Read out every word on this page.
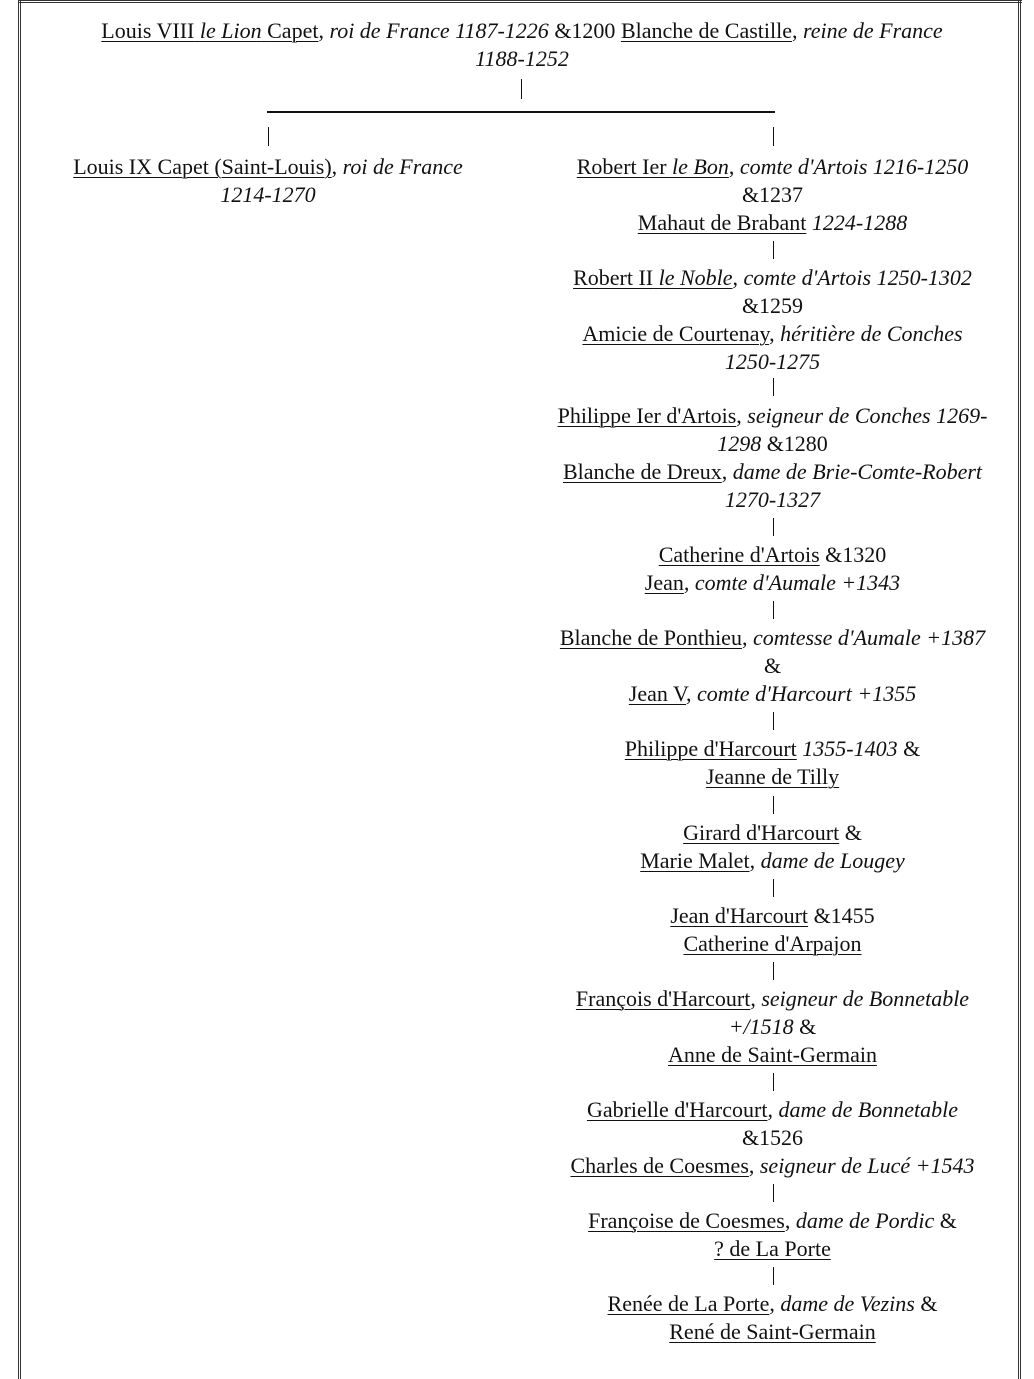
Louis VIII le Lion Capet, roi de France 1187-1226 &1200 Blanche de Castille, reine de France
1188-1252
Louis IX Capet (Saint-Louis), roi de France
1214-1270
Robert Ier le Bon, comte d'Artois 1216-1250
&1237
Mahaut de Brabant 1224-1288
Robert II le Noble, comte d'Artois 1250-1302
&1259
Amicie de Courtenay, héritière de Conches
1250-1275
Philippe Ier d'Artois, seigneur de Conches 1269-
1298 &1280
Blanche de Dreux, dame de Brie-Comte-Robert
1270-1327
Catherine d'Artois &1320
Jean, comte d'Aumale +1343
Blanche de Ponthieu, comtesse d'Aumale +1387
&
Jean V, comte d'Harcourt +1355
Philippe d'Harcourt 1355-1403 &
Jeanne de Tilly
Girard d'Harcourt &
Marie Malet, dame de Lougey
Jean d'Harcourt &1455
Catherine d'Arpajon
François d'Harcourt, seigneur de Bonnetable
+/1518 &
Anne de Saint-Germain
Gabrielle d'Harcourt, dame de Bonnetable
&1526
Charles de Coesmes, seigneur de Lucé +1543
Françoise de Coesmes, dame de Pordic &
? de La Porte
Renée de La Porte, dame de Vezins &
René de Saint-Germain
